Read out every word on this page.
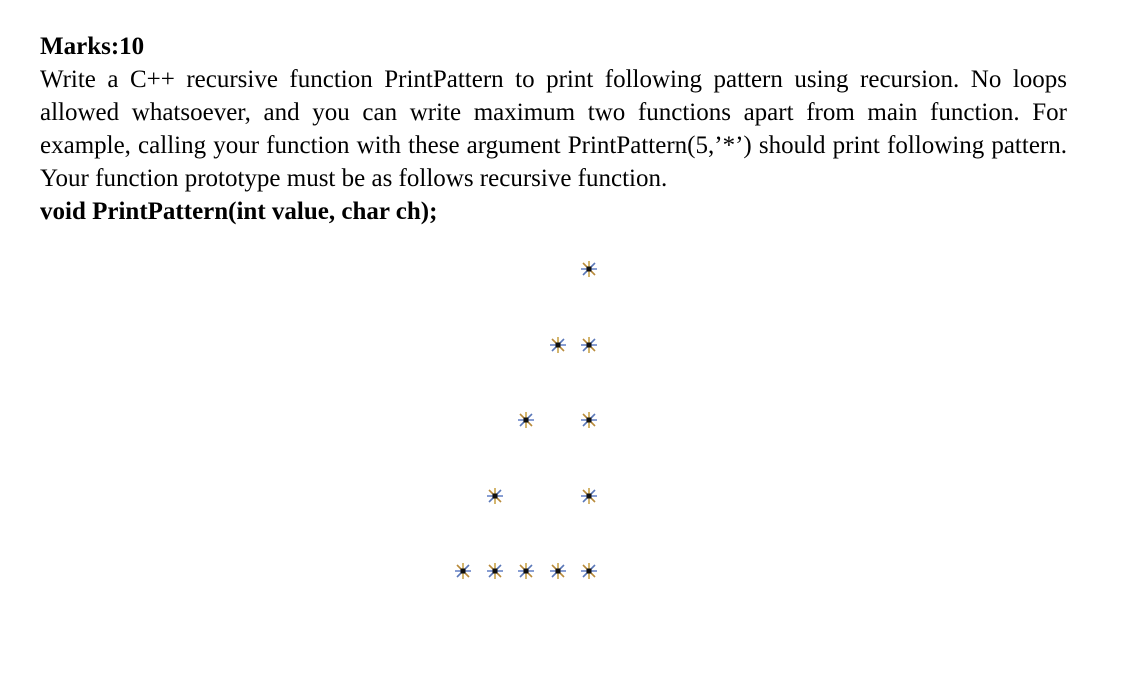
Marks:10

Write a C++ recursive function PrintPattern to print following pattern using recursion. No loops allowed whatsoever, and you can write maximum two functions apart from main function. For example, calling your function with these argument PrintPattern(5,’*’) should print following pattern. Your function prototype must be as follows recursive function.

void PrintPattern(int value, char ch);
